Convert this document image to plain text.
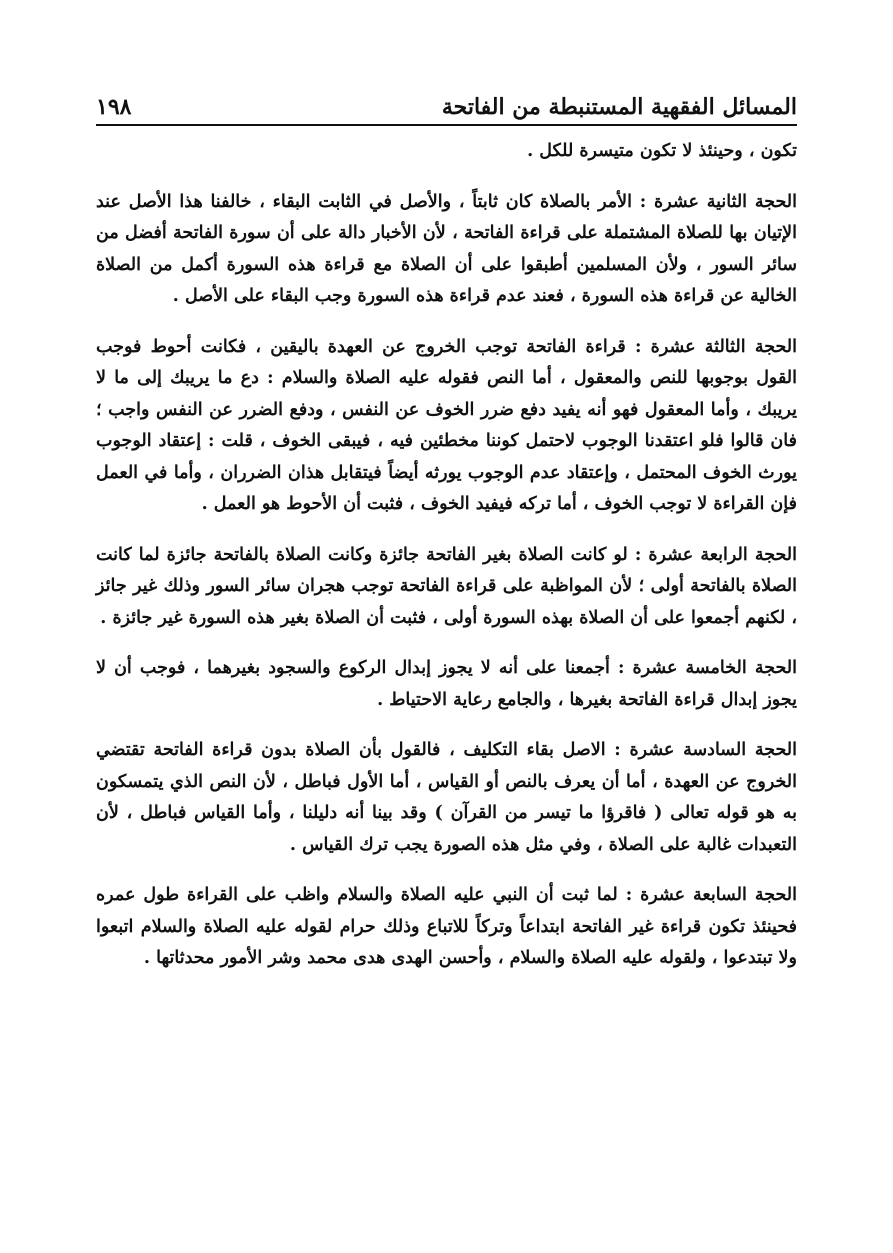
المسائل الفقهية المستنبطة من الفاتحة
١٩٨

تكون ، وحينئذ لا تكون متيسرة للكل .

الحجة الثانية عشرة : الأمر بالصلاة كان ثابتاً ، والأصل في الثابت البقاء ، خالفنا هذا الأصل عند الإتيان بها للصلاة المشتملة على قراءة الفاتحة ، لأن الأخبار دالة على أن سورة الفاتحة أفضل من سائر السور ، ولأن المسلمين أطبقوا على أن الصلاة مع قراءة هذه السورة أكمل من الصلاة الخالية عن قراءة هذه السورة ، فعند عدم قراءة هذه السورة وجب البقاء على الأصل .

الحجة الثالثة عشرة : قراءة الفاتحة توجب الخروج عن العهدة باليقين ، فكانت أحوط فوجب القول بوجوبها للنص والمعقول ، أما النص فقوله عليه الصلاة والسلام : دع ما يريبك إلى ما لا يريبك ، وأما المعقول فهو أنه يفيد دفع ضرر الخوف عن النفس ، ودفع الضرر عن النفس واجب ؛ فان قالوا فلو اعتقدنا الوجوب لاحتمل كوننا مخطئين فيه ، فيبقى الخوف ، قلت : إعتقاد الوجوب يورث الخوف المحتمل ، وإعتقاد عدم الوجوب يورثه أيضاً فيتقابل هذان الضرران ، وأما في العمل فإن القراءة لا توجب الخوف ، أما تركه فيفيد الخوف ، فثبت أن الأحوط هو العمل .

الحجة الرابعة عشرة : لو كانت الصلاة بغير الفاتحة جائزة وكانت الصلاة بالفاتحة جائزة لما كانت الصلاة بالفاتحة أولى ؛ لأن المواظبة على قراءة الفاتحة توجب هجران سائر السور وذلك غير جائز ، لكنهم أجمعوا على أن الصلاة بهذه السورة أولى ، فثبت أن الصلاة بغير هذه السورة غير جائزة .

الحجة الخامسة عشرة : أجمعنا على أنه لا يجوز إبدال الركوع والسجود بغيرهما ، فوجب أن لا يجوز إبدال قراءة الفاتحة بغيرها ، والجامع رعاية الاحتياط .

الحجة السادسة عشرة : الاصل بقاء التكليف ، فالقول بأن الصلاة بدون قراءة الفاتحة تقتضي الخروج عن العهدة ، أما أن يعرف بالنص أو القياس ، أما الأول فباطل ، لأن النص الذي يتمسكون به هو قوله تعالى ( فاقرؤا ما تيسر من القرآن ) وقد بينا أنه دليلنا ، وأما القياس فباطل ، لأن التعبدات غالبة على الصلاة ، وفي مثل هذه الصورة يجب ترك القياس .

الحجة السابعة عشرة : لما ثبت أن النبي عليه الصلاة والسلام واظب على القراءة طول عمره فحينئذ تكون قراءة غير الفاتحة ابتداعاً وتركاً للاتباع وذلك حرام لقوله عليه الصلاة والسلام اتبعوا ولا تبتدعوا ، ولقوله عليه الصلاة والسلام ، وأحسن الهدى هدى محمد وشر الأمور محدثاتها .
